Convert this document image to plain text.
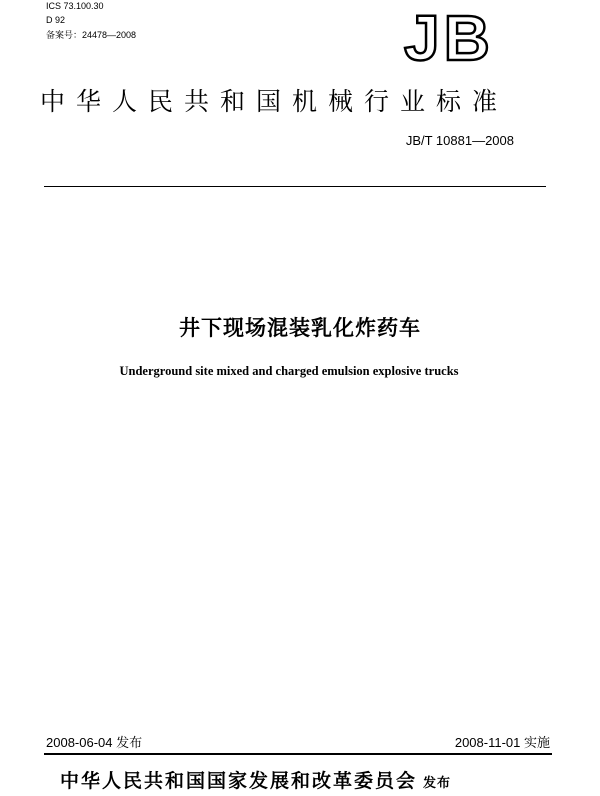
ICS 73.100.30
D 92
备案号：24478—2008	JB
中华人民共和国机械行业标准
JB/T 10881—2008
井下现场混装乳化炸药车
Underground site mixed and charged emulsion explosive trucks
2008-06-04 发布	2008-11-01 实施
中华人民共和国国家发展和改革委员会 发布
